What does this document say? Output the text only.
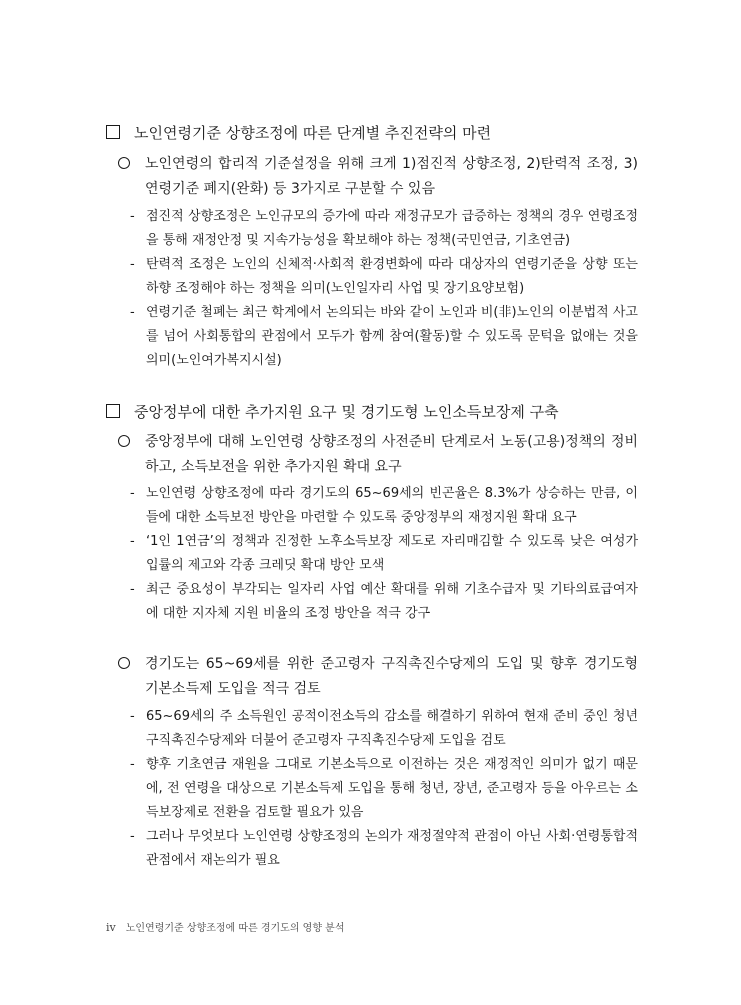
노인연령기준 상향조정에 따른 단계별 추진전략의 마련
노인연령의 합리적 기준설정을 위해 크게 1)점진적 상향조정, 2)탄력적 조정, 3)연령기준 폐지(완화) 등 3가지로 구분할 수 있음
- 점진적 상향조정은 노인규모의 증가에 따라 재정규모가 급증하는 정책의 경우 연령조정을 통해 재정안정 및 지속가능성을 확보해야 하는 정책(국민연금, 기초연금)
- 탄력적 조정은 노인의 신체적·사회적 환경변화에 따라 대상자의 연령기준을 상향 또는 하향 조정해야 하는 정책을 의미(노인일자리 사업 및 장기요양보험)
- 연령기준 철폐는 최근 학계에서 논의되는 바와 같이 노인과 비(非)노인의 이분법적 사고를 넘어 사회통합의 관점에서 모두가 함께 참여(활동)할 수 있도록 문턱을 없애는 것을 의미(노인여가복지시설)
중앙정부에 대한 추가지원 요구 및 경기도형 노인소득보장제 구축
중앙정부에 대해 노인연령 상향조정의 사전준비 단계로서 노동(고용)정책의 정비하고, 소득보전을 위한 추가지원 확대 요구
- 노인연령 상향조정에 따라 경기도의 65~69세의 빈곤율은 8.3%가 상승하는 만큼, 이들에 대한 소득보전 방안을 마련할 수 있도록 중앙정부의 재정지원 확대 요구
- ‘1인 1연금’의 정책과 진정한 노후소득보장 제도로 자리매김할 수 있도록 낮은 여성가입률의 제고와 각종 크레딧 확대 방안 모색
- 최근 중요성이 부각되는 일자리 사업 예산 확대를 위해 기초수급자 및 기타의료급여자에 대한 지자체 지원 비율의 조정 방안을 적극 강구
경기도는 65~69세를 위한 준고령자 구직촉진수당제의 도입 및 향후 경기도형 기본소득제 도입을 적극 검토
- 65~69세의 주 소득원인 공적이전소득의 감소를 해결하기 위하여 현재 준비 중인 청년구직촉진수당제와 더불어 준고령자 구직촉진수당제 도입을 검토
- 향후 기초연금 재원을 그대로 기본소득으로 이전하는 것은 재정적인 의미가 없기 때문에, 전 연령을 대상으로 기본소득제 도입을 통해 청년, 장년, 준고령자 등을 아우르는 소득보장제로 전환을 검토할 필요가 있음
- 그러나 무엇보다 노인연령 상향조정의 논의가 재정절약적 관점이 아닌 사회·연령통합적 관점에서 재논의가 필요
iv 노인연령기준 상향조정에 따른 경기도의 영향 분석
